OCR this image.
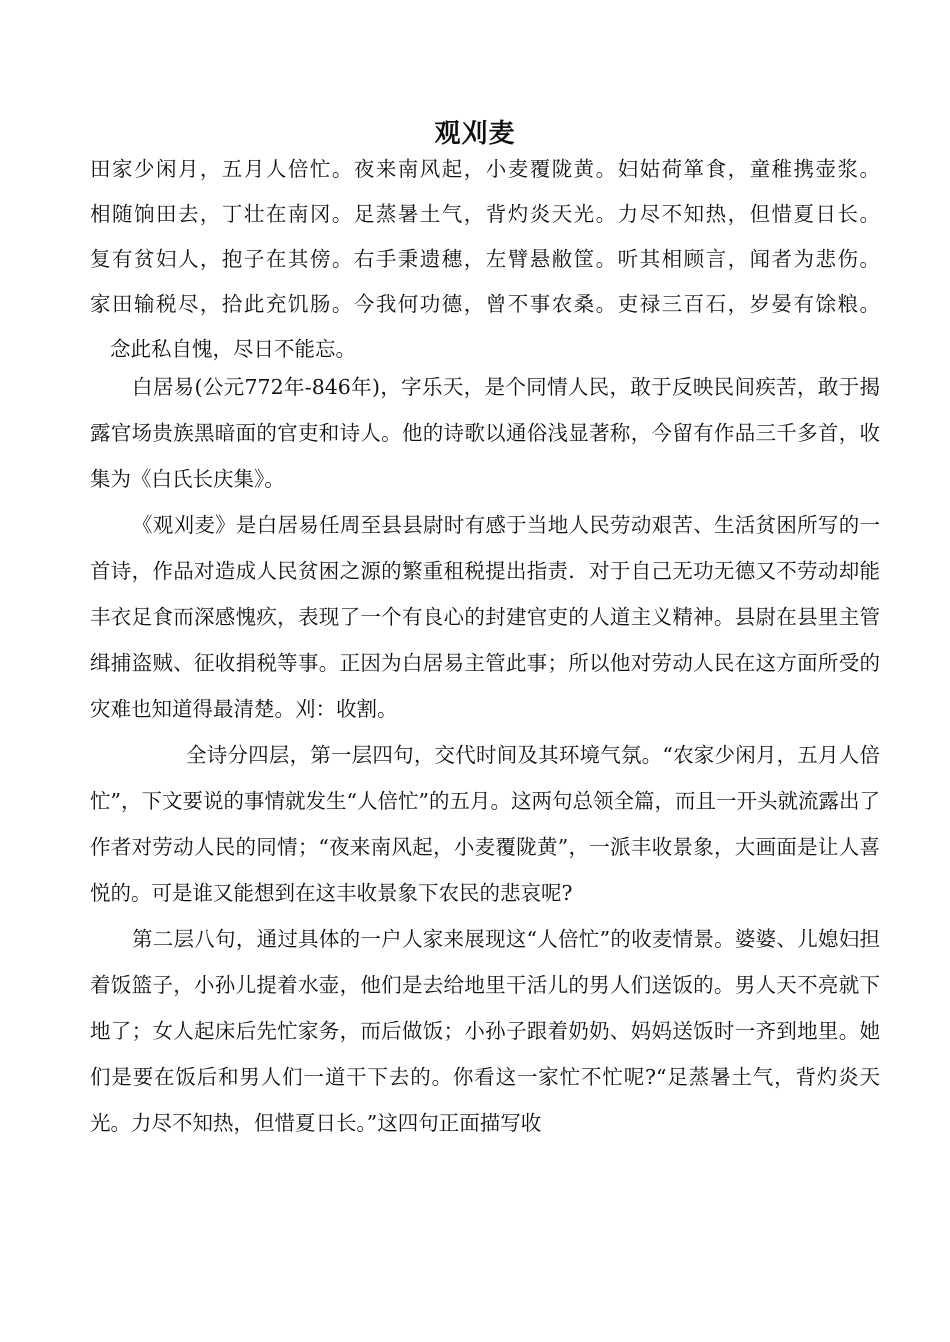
观刈麦
田家少闲月，五月人倍忙。夜来南风起，小麦覆陇黄。妇姑荷箪食，童稚携壶浆。
相随饷田去，丁壮在南冈。足蒸暑土气，背灼炎天光。力尽不知热，但惜夏日长。
复有贫妇人，抱子在其傍。右手秉遗穗，左臂悬敝筐。听其相顾言，闻者为悲伤。
家田输税尽，拾此充饥肠。今我何功德，曾不事农桑。吏禄三百石，岁晏有馀粮。
念此私自愧，尽日不能忘。

白居易(公元772年-846年)，字乐天，是个同情人民，敢于反映民间疾苦，敢于揭露官场贵族黑暗面的官吏和诗人。他的诗歌以通俗浅显著称，今留有作品三千多首，收集为《白氏长庆集》。

《观刈麦》是白居易任周至县县尉时有感于当地人民劳动艰苦、生活贫困所写的一首诗，作品对造成人民贫困之源的繁重租税提出指责．对于自己无功无德又不劳动却能丰衣足食而深感愧疚，表现了一个有良心的封建官吏的人道主义精神。县尉在县里主管缉捕盗贼、征收捐税等事。正因为白居易主管此事；所以他对劳动人民在这方面所受的灾难也知道得最清楚。刈：收割。

全诗分四层，第一层四句，交代时间及其环境气氛。“农家少闲月，五月人倍忙”，下文要说的事情就发生“人倍忙”的五月。这两句总领全篇，而且一开头就流露出了作者对劳动人民的同情；“夜来南风起，小麦覆陇黄”，一派丰收景象，大画面是让人喜悦的。可是谁又能想到在这丰收景象下农民的悲哀呢?

第二层八句，通过具体的一户人家来展现这“人倍忙”的收麦情景。婆婆、儿媳妇担着饭篮子，小孙儿提着水壶，他们是去给地里干活儿的男人们送饭的。男人天不亮就下地了；女人起床后先忙家务，而后做饭；小孙子跟着奶奶、妈妈送饭时一齐到地里。她们是要在饭后和男人们一道干下去的。你看这一家忙不忙呢?“足蒸暑土气，背灼炎天光。力尽不知热，但惜夏日长。”这四句正面描写收
